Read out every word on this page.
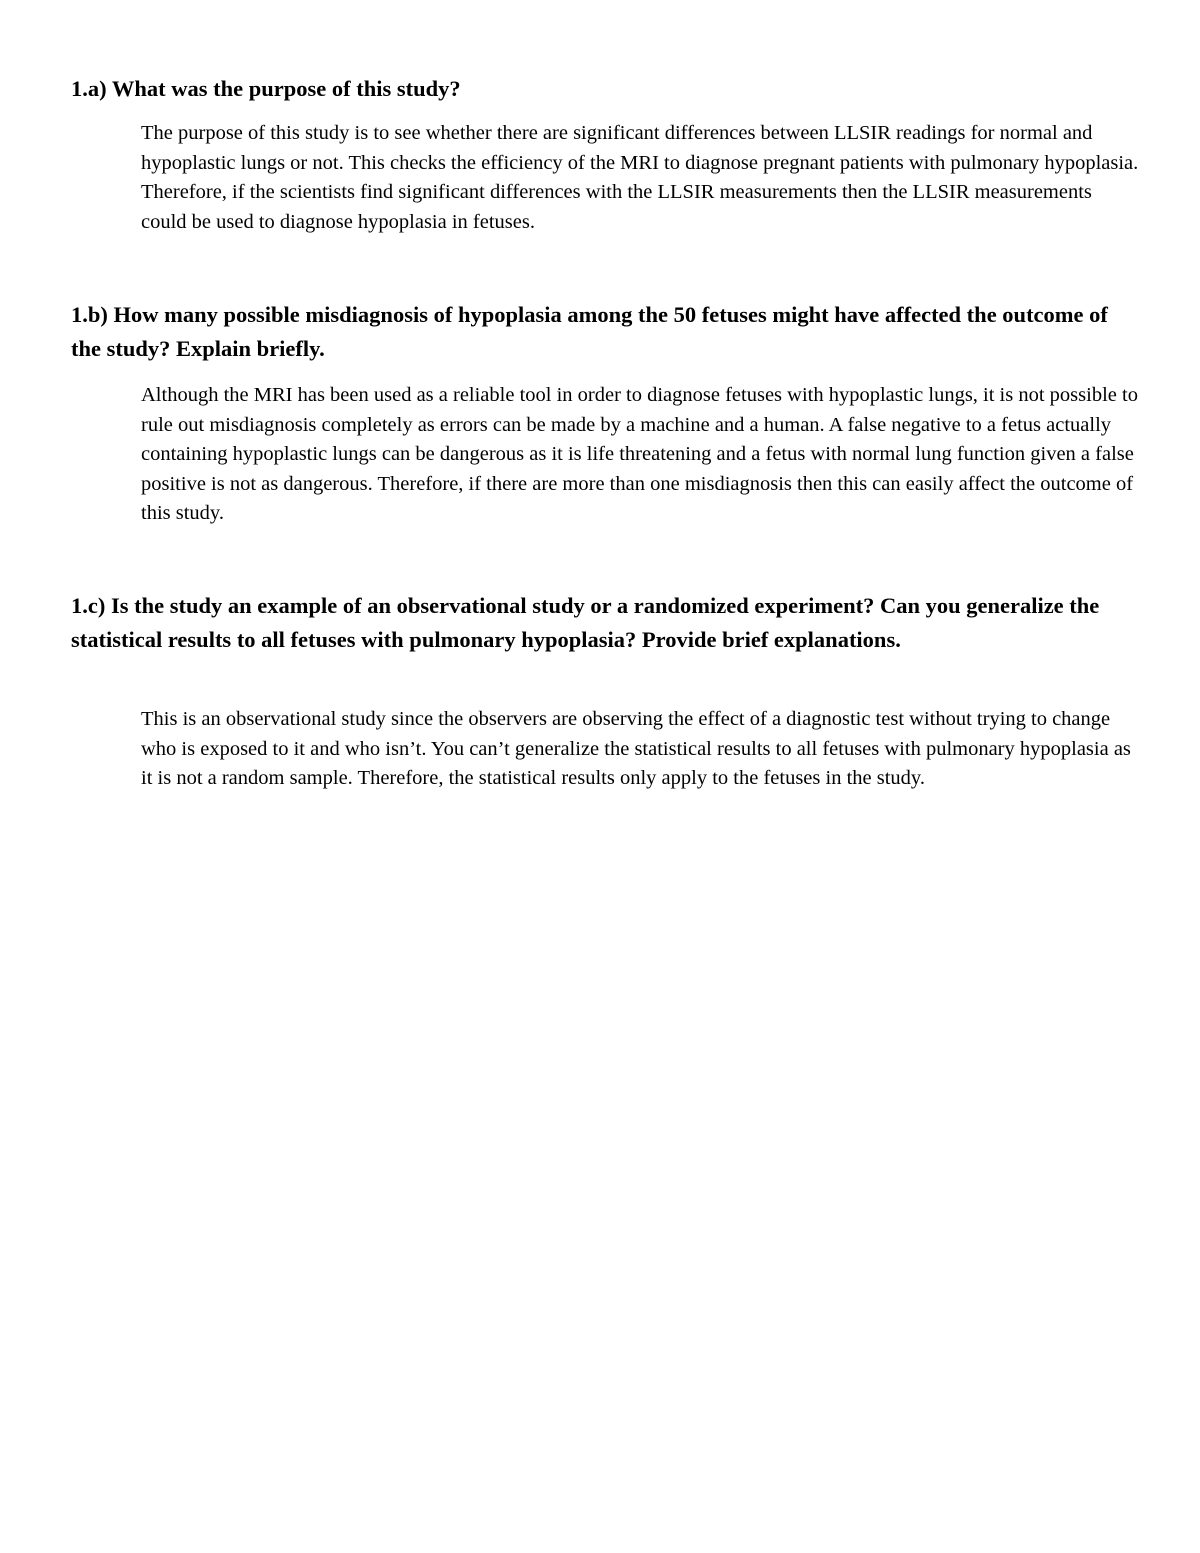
1.a) What was the purpose of this study?

The purpose of this study is to see whether there are significant differences between LLSIR readings for normal and hypoplastic lungs or not. This checks the efficiency of the MRI to diagnose pregnant patients with pulmonary hypoplasia. Therefore, if the scientists find significant differences with the LLSIR measurements then the LLSIR measurements could be used to diagnose hypoplasia in fetuses.

1.b) How many possible misdiagnosis of hypoplasia among the 50 fetuses might have affected the outcome of the study? Explain briefly.

Although the MRI has been used as a reliable tool in order to diagnose fetuses with hypoplastic lungs, it is not possible to rule out misdiagnosis completely as errors can be made by a machine and a human. A false negative to a fetus actually containing hypoplastic lungs can be dangerous as it is life threatening and a fetus with normal lung function given a false positive is not as dangerous. Therefore, if there are more than one misdiagnosis then this can easily affect the outcome of this study.

1.c) Is the study an example of an observational study or a randomized experiment? Can you generalize the statistical results to all fetuses with pulmonary hypoplasia? Provide brief explanations.

This is an observational study since the observers are observing the effect of a diagnostic test without trying to change who is exposed to it and who isn’t. You can’t generalize the statistical results to all fetuses with pulmonary hypoplasia as it is not a random sample. Therefore, the statistical results only apply to the fetuses in the study.
